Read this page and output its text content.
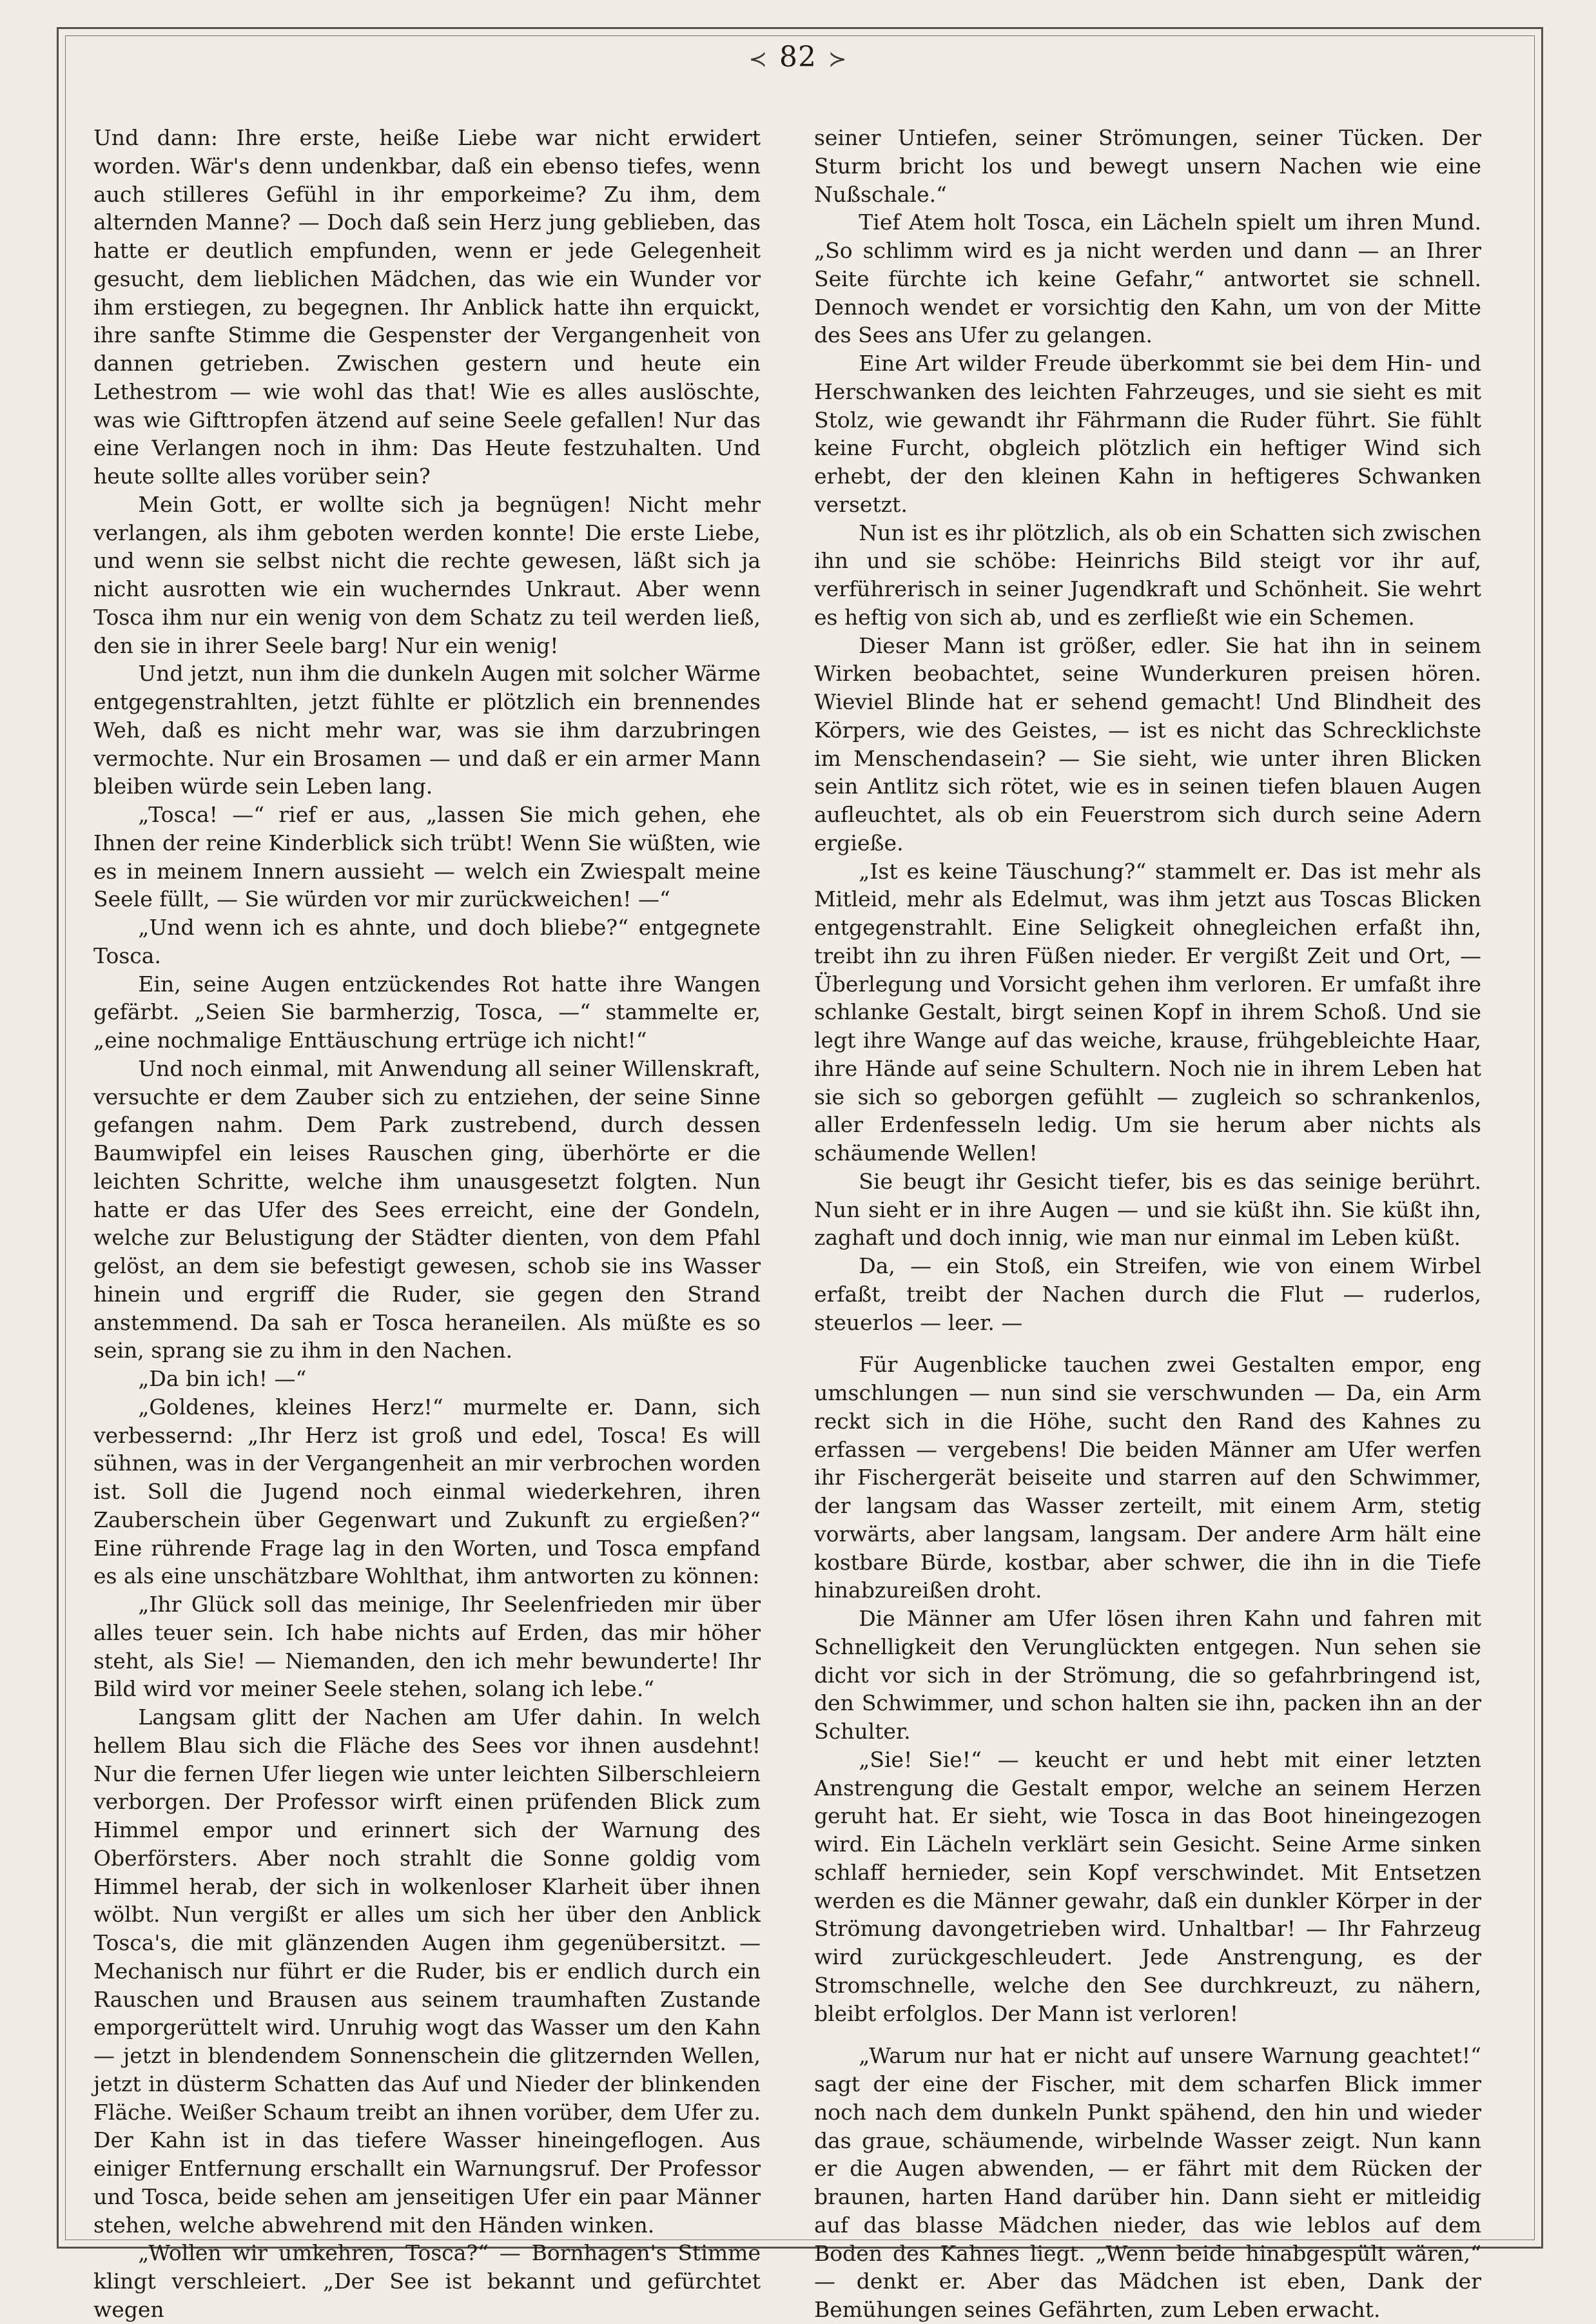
≺ 82 ≻

Und dann: Ihre erste, heiße Liebe war nicht erwidert worden. Wär's denn undenkbar, daß ein ebenso tiefes, wenn auch stilleres Gefühl in ihr emporkeime? Zu ihm, dem alternden Manne? — Doch daß sein Herz jung geblieben, das hatte er deutlich empfunden, wenn er jede Gelegenheit gesucht, dem lieblichen Mädchen, das wie ein Wunder vor ihm erstiegen, zu begegnen. Ihr Anblick hatte ihn erquickt, ihre sanfte Stimme die Gespenster der Vergangenheit von dannen getrieben. Zwischen gestern und heute ein Lethestrom — wie wohl das that! Wie es alles auslöschte, was wie Gifttropfen ätzend auf seine Seele gefallen! Nur das eine Verlangen noch in ihm: Das Heute festzuhalten. Und heute sollte alles vorüber sein?

Mein Gott, er wollte sich ja begnügen! Nicht mehr verlangen, als ihm geboten werden konnte! Die erste Liebe, und wenn sie selbst nicht die rechte gewesen, läßt sich ja nicht ausrotten wie ein wucherndes Unkraut. Aber wenn Tosca ihm nur ein wenig von dem Schatz zu teil werden ließ, den sie in ihrer Seele barg! Nur ein wenig!

Und jetzt, nun ihm die dunkeln Augen mit solcher Wärme entgegenstrahlten, jetzt fühlte er plötzlich ein brennendes Weh, daß es nicht mehr war, was sie ihm darzubringen vermochte. Nur ein Brosamen — und daß er ein armer Mann bleiben würde sein Leben lang.

„Tosca! —“ rief er aus, „lassen Sie mich gehen, ehe Ihnen der reine Kinderblick sich trübt! Wenn Sie wüßten, wie es in meinem Innern aussieht — welch ein Zwiespalt meine Seele füllt, — Sie würden vor mir zurückweichen! —“

„Und wenn ich es ahnte, und doch bliebe?“ entgegnete Tosca.

Ein, seine Augen entzückendes Rot hatte ihre Wangen gefärbt. „Seien Sie barmherzig, Tosca, —“ stammelte er, „eine nochmalige Enttäuschung ertrüge ich nicht!“

Und noch einmal, mit Anwendung all seiner Willenskraft, versuchte er dem Zauber sich zu entziehen, der seine Sinne gefangen nahm. Dem Park zustrebend, durch dessen Baumwipfel ein leises Rauschen ging, überhörte er die leichten Schritte, welche ihm unausgesetzt folgten. Nun hatte er das Ufer des Sees erreicht, eine der Gondeln, welche zur Belustigung der Städter dienten, von dem Pfahl gelöst, an dem sie befestigt gewesen, schob sie ins Wasser hinein und ergriff die Ruder, sie gegen den Strand anstemmend. Da sah er Tosca heraneilen. Als müßte es so sein, sprang sie zu ihm in den Nachen.

„Da bin ich! —“

„Goldenes, kleines Herz!“ murmelte er. Dann, sich verbessernd: „Ihr Herz ist groß und edel, Tosca! Es will sühnen, was in der Vergangenheit an mir verbrochen worden ist. Soll die Jugend noch einmal wiederkehren, ihren Zauberschein über Gegenwart und Zukunft zu ergießen?“ Eine rührende Frage lag in den Worten, und Tosca empfand es als eine unschätzbare Wohlthat, ihm antworten zu können:

„Ihr Glück soll das meinige, Ihr Seelenfrieden mir über alles teuer sein. Ich habe nichts auf Erden, das mir höher steht, als Sie! — Niemanden, den ich mehr bewunderte! Ihr Bild wird vor meiner Seele stehen, solang ich lebe.“

Langsam glitt der Nachen am Ufer dahin. In welch hellem Blau sich die Fläche des Sees vor ihnen ausdehnt! Nur die fernen Ufer liegen wie unter leichten Silberschleiern verborgen. Der Professor wirft einen prüfenden Blick zum Himmel empor und erinnert sich der Warnung des Oberförsters. Aber noch strahlt die Sonne goldig vom Himmel herab, der sich in wolkenloser Klarheit über ihnen wölbt. Nun vergißt er alles um sich her über den Anblick Tosca's, die mit glänzenden Augen ihm gegenübersitzt. — Mechanisch nur führt er die Ruder, bis er endlich durch ein Rauschen und Brausen aus seinem traumhaften Zustande emporgerüttelt wird. Unruhig wogt das Wasser um den Kahn — jetzt in blendendem Sonnenschein die glitzernden Wellen, jetzt in düsterm Schatten das Auf und Nieder der blinkenden Fläche. Weißer Schaum treibt an ihnen vorüber, dem Ufer zu. Der Kahn ist in das tiefere Wasser hineingeflogen. Aus einiger Entfernung erschallt ein Warnungsruf. Der Professor und Tosca, beide sehen am jenseitigen Ufer ein paar Männer stehen, welche abwehrend mit den Händen winken.

„Wollen wir umkehren, Tosca?“ — Bornhagen's Stimme klingt verschleiert. „Der See ist bekannt und gefürchtet wegen

seiner Untiefen, seiner Strömungen, seiner Tücken. Der Sturm bricht los und bewegt unsern Nachen wie eine Nußschale.“

Tief Atem holt Tosca, ein Lächeln spielt um ihren Mund. „So schlimm wird es ja nicht werden und dann — an Ihrer Seite fürchte ich keine Gefahr,“ antwortet sie schnell. Dennoch wendet er vorsichtig den Kahn, um von der Mitte des Sees ans Ufer zu gelangen.

Eine Art wilder Freude überkommt sie bei dem Hin- und Herschwanken des leichten Fahrzeuges, und sie sieht es mit Stolz, wie gewandt ihr Fährmann die Ruder führt. Sie fühlt keine Furcht, obgleich plötzlich ein heftiger Wind sich erhebt, der den kleinen Kahn in heftigeres Schwanken versetzt.

Nun ist es ihr plötzlich, als ob ein Schatten sich zwischen ihn und sie schöbe: Heinrichs Bild steigt vor ihr auf, verführerisch in seiner Jugendkraft und Schönheit. Sie wehrt es heftig von sich ab, und es zerfließt wie ein Schemen.

Dieser Mann ist größer, edler. Sie hat ihn in seinem Wirken beobachtet, seine Wunderkuren preisen hören. Wieviel Blinde hat er sehend gemacht! Und Blindheit des Körpers, wie des Geistes, — ist es nicht das Schrecklichste im Menschendasein? — Sie sieht, wie unter ihren Blicken sein Antlitz sich rötet, wie es in seinen tiefen blauen Augen aufleuchtet, als ob ein Feuerstrom sich durch seine Adern ergieße.

„Ist es keine Täuschung?“ stammelt er. Das ist mehr als Mitleid, mehr als Edelmut, was ihm jetzt aus Toscas Blicken entgegenstrahlt. Eine Seligkeit ohnegleichen erfaßt ihn, treibt ihn zu ihren Füßen nieder. Er vergißt Zeit und Ort, — Überlegung und Vorsicht gehen ihm verloren. Er umfaßt ihre schlanke Gestalt, birgt seinen Kopf in ihrem Schoß. Und sie legt ihre Wange auf das weiche, krause, frühgebleichte Haar, ihre Hände auf seine Schultern. Noch nie in ihrem Leben hat sie sich so geborgen gefühlt — zugleich so schrankenlos, aller Erdenfesseln ledig. Um sie herum aber nichts als schäumende Wellen!

Sie beugt ihr Gesicht tiefer, bis es das seinige berührt. Nun sieht er in ihre Augen — und sie küßt ihn. Sie küßt ihn, zaghaft und doch innig, wie man nur einmal im Leben küßt.

Da, — ein Stoß, ein Streifen, wie von einem Wirbel erfaßt, treibt der Nachen durch die Flut — ruderlos, steuerlos — leer. —

Für Augenblicke tauchen zwei Gestalten empor, eng umschlungen — nun sind sie verschwunden — Da, ein Arm reckt sich in die Höhe, sucht den Rand des Kahnes zu erfassen — vergebens! Die beiden Männer am Ufer werfen ihr Fischergerät beiseite und starren auf den Schwimmer, der langsam das Wasser zerteilt, mit einem Arm, stetig vorwärts, aber langsam, langsam. Der andere Arm hält eine kostbare Bürde, kostbar, aber schwer, die ihn in die Tiefe hinabzureißen droht.

Die Männer am Ufer lösen ihren Kahn und fahren mit Schnelligkeit den Verunglückten entgegen. Nun sehen sie dicht vor sich in der Strömung, die so gefahrbringend ist, den Schwimmer, und schon halten sie ihn, packen ihn an der Schulter.

„Sie! Sie!“ — keucht er und hebt mit einer letzten Anstrengung die Gestalt empor, welche an seinem Herzen geruht hat. Er sieht, wie Tosca in das Boot hineingezogen wird. Ein Lächeln verklärt sein Gesicht. Seine Arme sinken schlaff hernieder, sein Kopf verschwindet. Mit Entsetzen werden es die Männer gewahr, daß ein dunkler Körper in der Strömung davongetrieben wird. Unhaltbar! — Ihr Fahrzeug wird zurückgeschleudert. Jede Anstrengung, es der Stromschnelle, welche den See durchkreuzt, zu nähern, bleibt erfolglos. Der Mann ist verloren!

„Warum nur hat er nicht auf unsere Warnung geachtet!“ sagt der eine der Fischer, mit dem scharfen Blick immer noch nach dem dunkeln Punkt spähend, den hin und wieder das graue, schäumende, wirbelnde Wasser zeigt. Nun kann er die Augen abwenden, — er fährt mit dem Rücken der braunen, harten Hand darüber hin. Dann sieht er mitleidig auf das blasse Mädchen nieder, das wie leblos auf dem Boden des Kahnes liegt. „Wenn beide hinabgespült wären,“ — denkt er. Aber das Mädchen ist eben, Dank der Bemühungen seines Gefährten, zum Leben erwacht.
